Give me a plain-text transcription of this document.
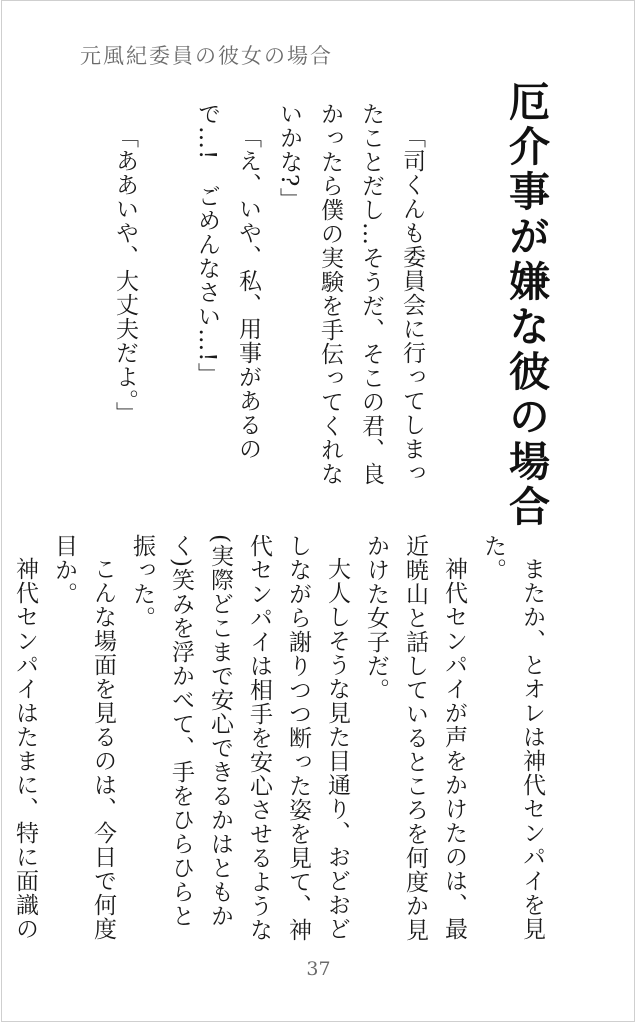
元風紀委員の彼女の場合
厄介事が嫌な彼の場合

「司くんも委員会に行ってしまったことだし…そうだ、そこの君、良かったら僕の実験を手伝ってくれないかな?」

「え、いや、私、用事があるので…!　ごめんなさい…!」

「ああいや、大丈夫だよ。」

またか、とオレは神代センパイを見た。

神代センパイが声をかけたのは、最近暁山と話しているところを何度か見かけた女子だ。

大人しそうな見た目通り、おどおどしながら謝りつつ断った姿を見て、神代センパイは相手を安心させるような(実際どこまで安心できるかはともかく)笑みを浮かべて、手をひらひらと振った。

こんな場面を見るのは、今日で何度目か。

神代センパイはたまに、特に面識の

37
